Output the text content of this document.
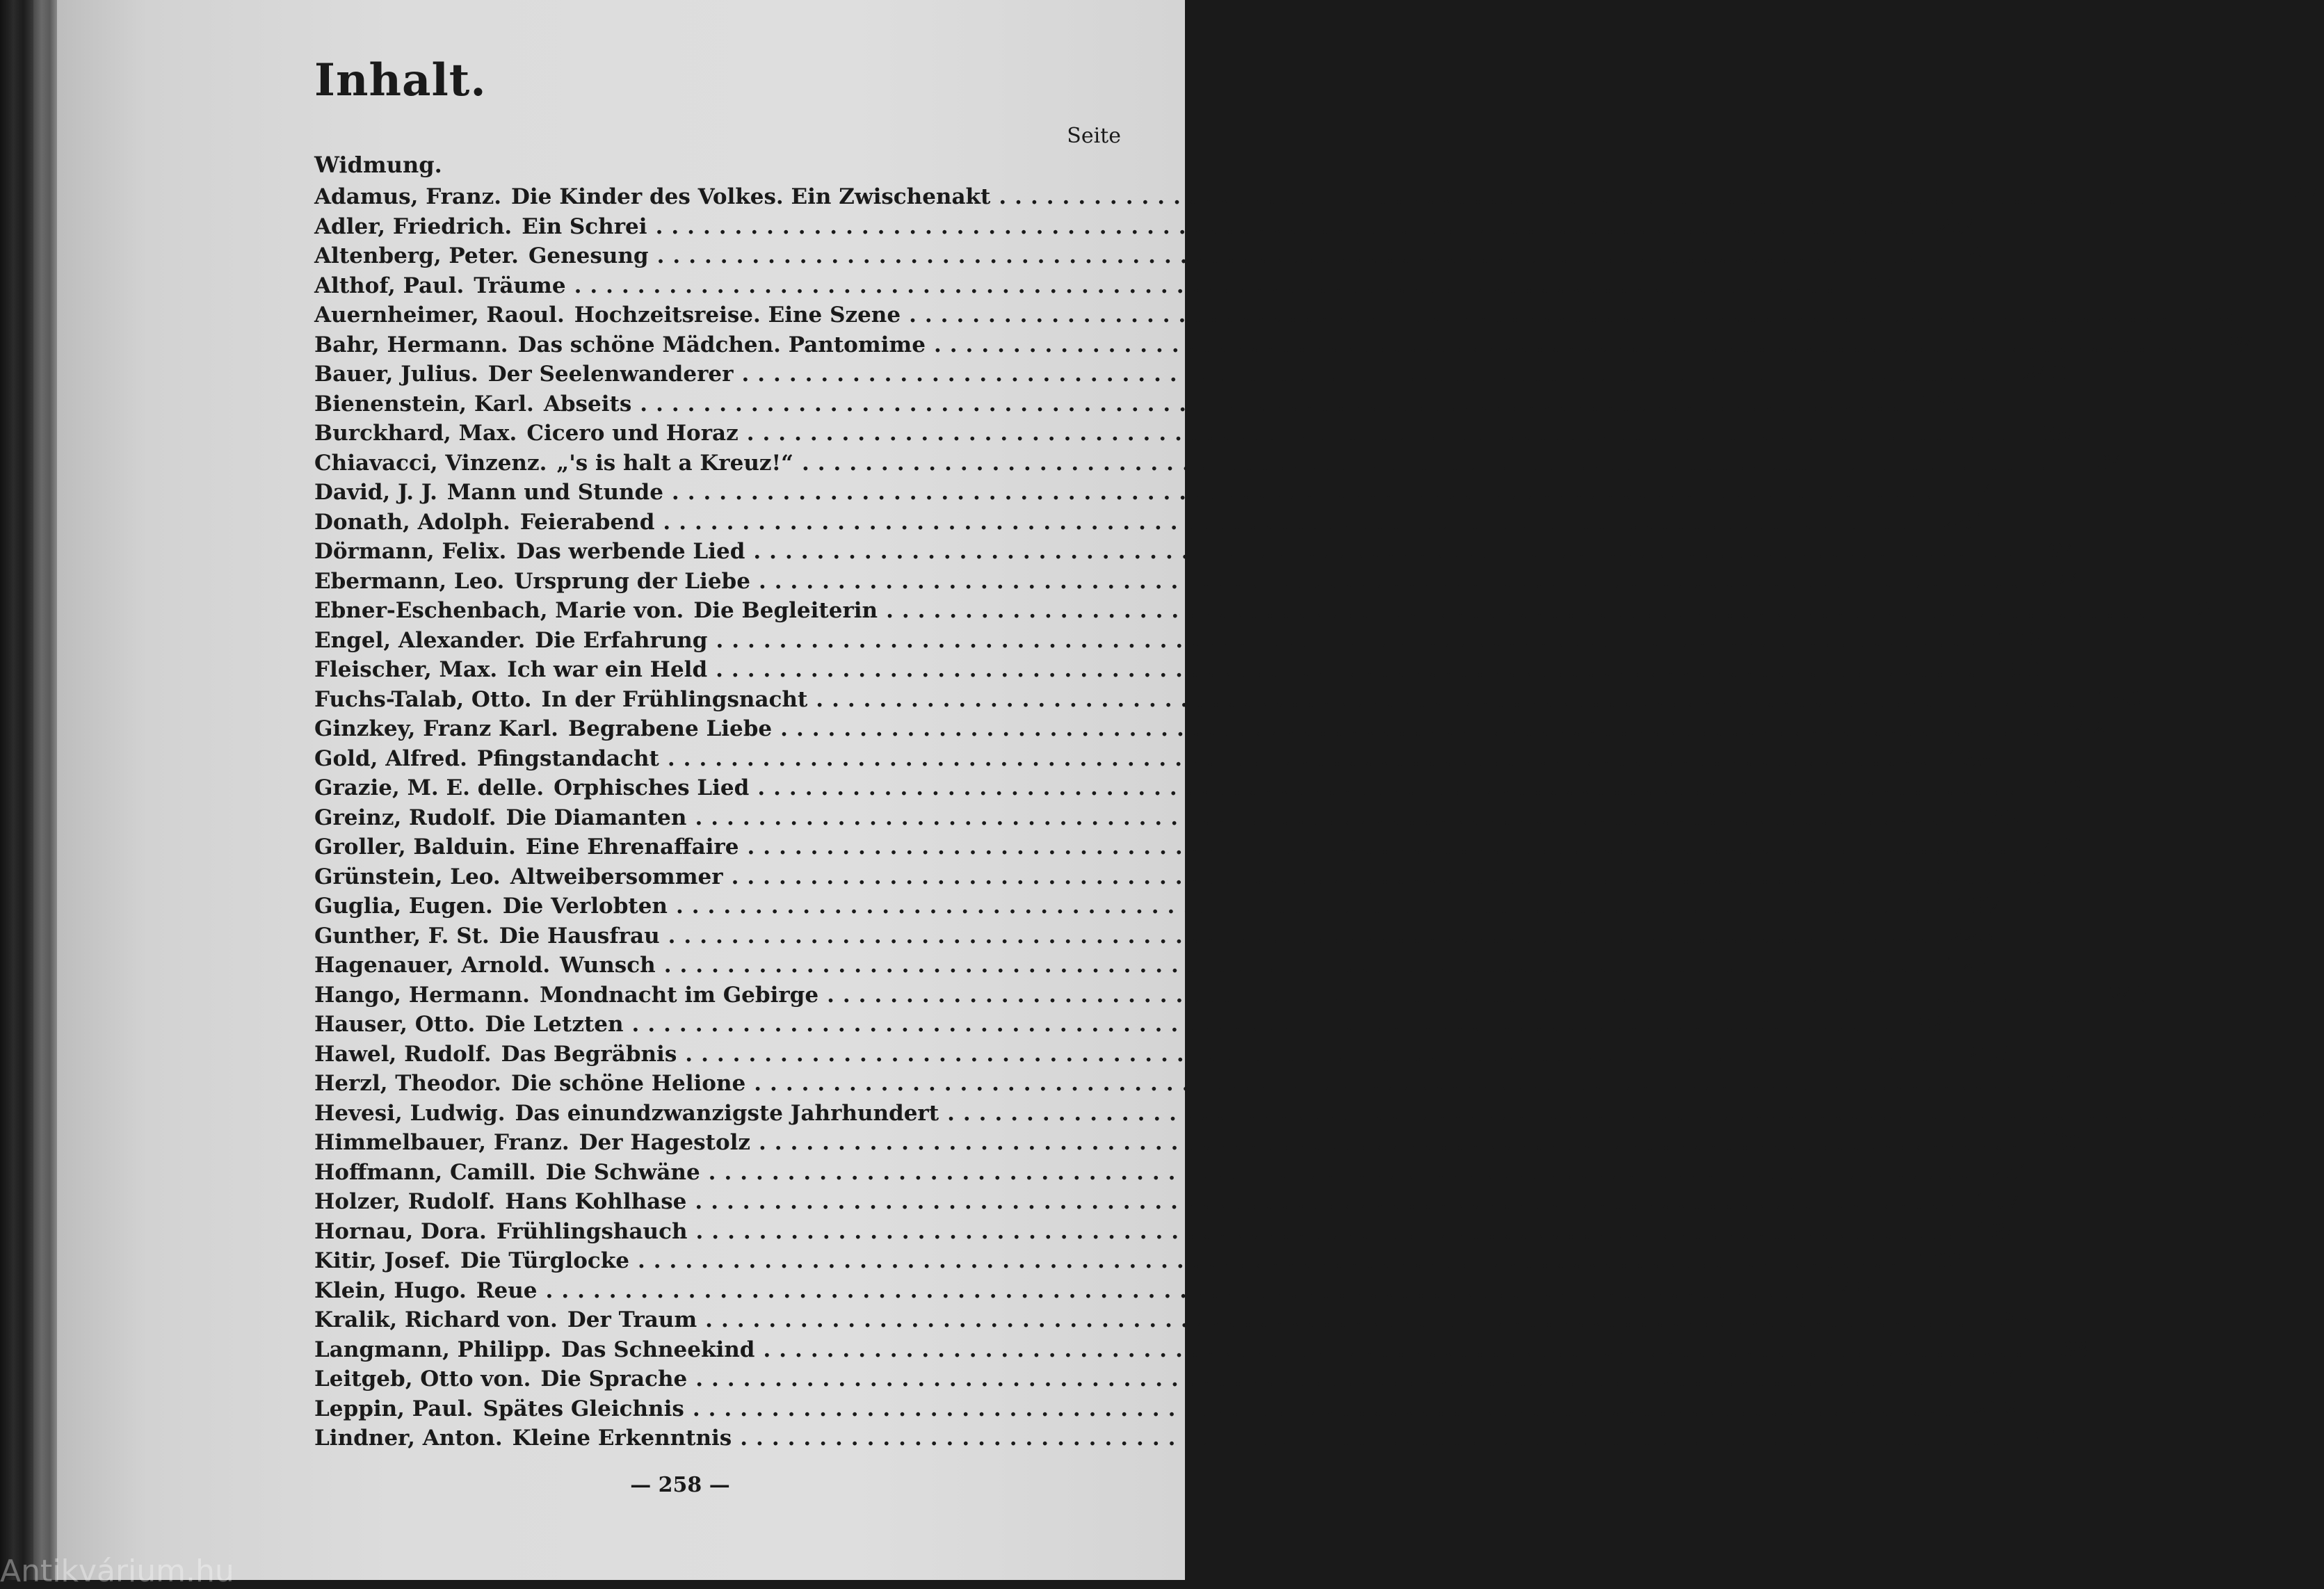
Inhalt.
Seite
Widmung.
Adamus, Franz. Die Kinder des Volkes. Ein Zwischenakt ................................................................................	44
Adler, Friedrich. Ein Schrei ................................................................................ 234
Altenberg, Peter. Genesung ................................................................................	8
Althof, Paul. Träume ................................................................................	91
Auernheimer, Raoul. Hochzeitsreise. Eine Szene ................................................................................	15
Bahr, Hermann. Das schöne Mädchen. Pantomime ................................................................................	84
Bauer, Julius. Der Seelenwanderer ................................................................................ 240
Bienenstein, Karl. Abseits ................................................................................ 165
Burckhard, Max. Cicero und Horaz ................................................................................	69
Chiavacci, Vinzenz. „'s is halt a Kreuz!“ ................................................................................	34
David, J. J. Mann und Stunde ................................................................................	4
Donath, Adolph. Feierabend ................................................................................ 251
Dörmann, Felix. Das werbende Lied ................................................................................	94
Ebermann, Leo. Ursprung der Liebe ................................................................................ 224
Ebner-Eschenbach, Marie von. Die Begleiterin ................................................................................	2
Engel, Alexander. Die Erfahrung ................................................................................ 166
Fleischer, Max. Ich war ein Held ................................................................................ 196
Fuchs-Talab, Otto. In der Frühlingsnacht ................................................................................ 183
Ginzkey, Franz Karl. Begrabene Liebe ................................................................................	42
Gold, Alfred. Pfingstandacht ................................................................................ 168
Grazie, M. E. delle. Orphisches Lied ................................................................................	13
Greinz, Rudolf. Die Diamanten ................................................................................ 169
Groller, Balduin. Eine Ehrenaffaire ................................................................................ 149
Grünstein, Leo. Altweibersommer ................................................................................ 135
Guglia, Eugen. Die Verlobten ................................................................................ 197
Gunther, F. St. Die Hausfrau ................................................................................ 225
Hagenauer, Arnold. Wunsch ................................................................................ 123
Hango, Hermann. Mondnacht im Gebirge ................................................................................ 247
Hauser, Otto. Die Letzten ................................................................................ 236
Hawel, Rudolf. Das Begräbnis ................................................................................ 203
Herzl, Theodor. Die schöne Helione ................................................................................	61
Hevesi, Ludwig. Das einundzwanzigste Jahrhundert ................................................................................ 252
Himmelbauer, Franz. Der Hagestolz ................................................................................ 190
Hoffmann, Camill. Die Schwäne ................................................................................ 231
Holzer, Rudolf. Hans Kohlhase ................................................................................ 157
Hornau, Dora. Frühlingshauch ................................................................................ 185
Kitir, Josef. Die Türglocke ................................................................................ 136
Klein, Hugo. Reue ................................................................................ 148
Kralik, Richard von. Der Traum ................................................................................	83
Langmann, Philipp. Das Schneekind ................................................................................	38
Leitgeb, Otto von. Die Sprache ................................................................................	14
Leppin, Paul. Spätes Gleichnis ................................................................................ 212
Lindner, Anton. Kleine Erkenntnis ................................................................................	91
— 258 —
Antikvárium.hu
